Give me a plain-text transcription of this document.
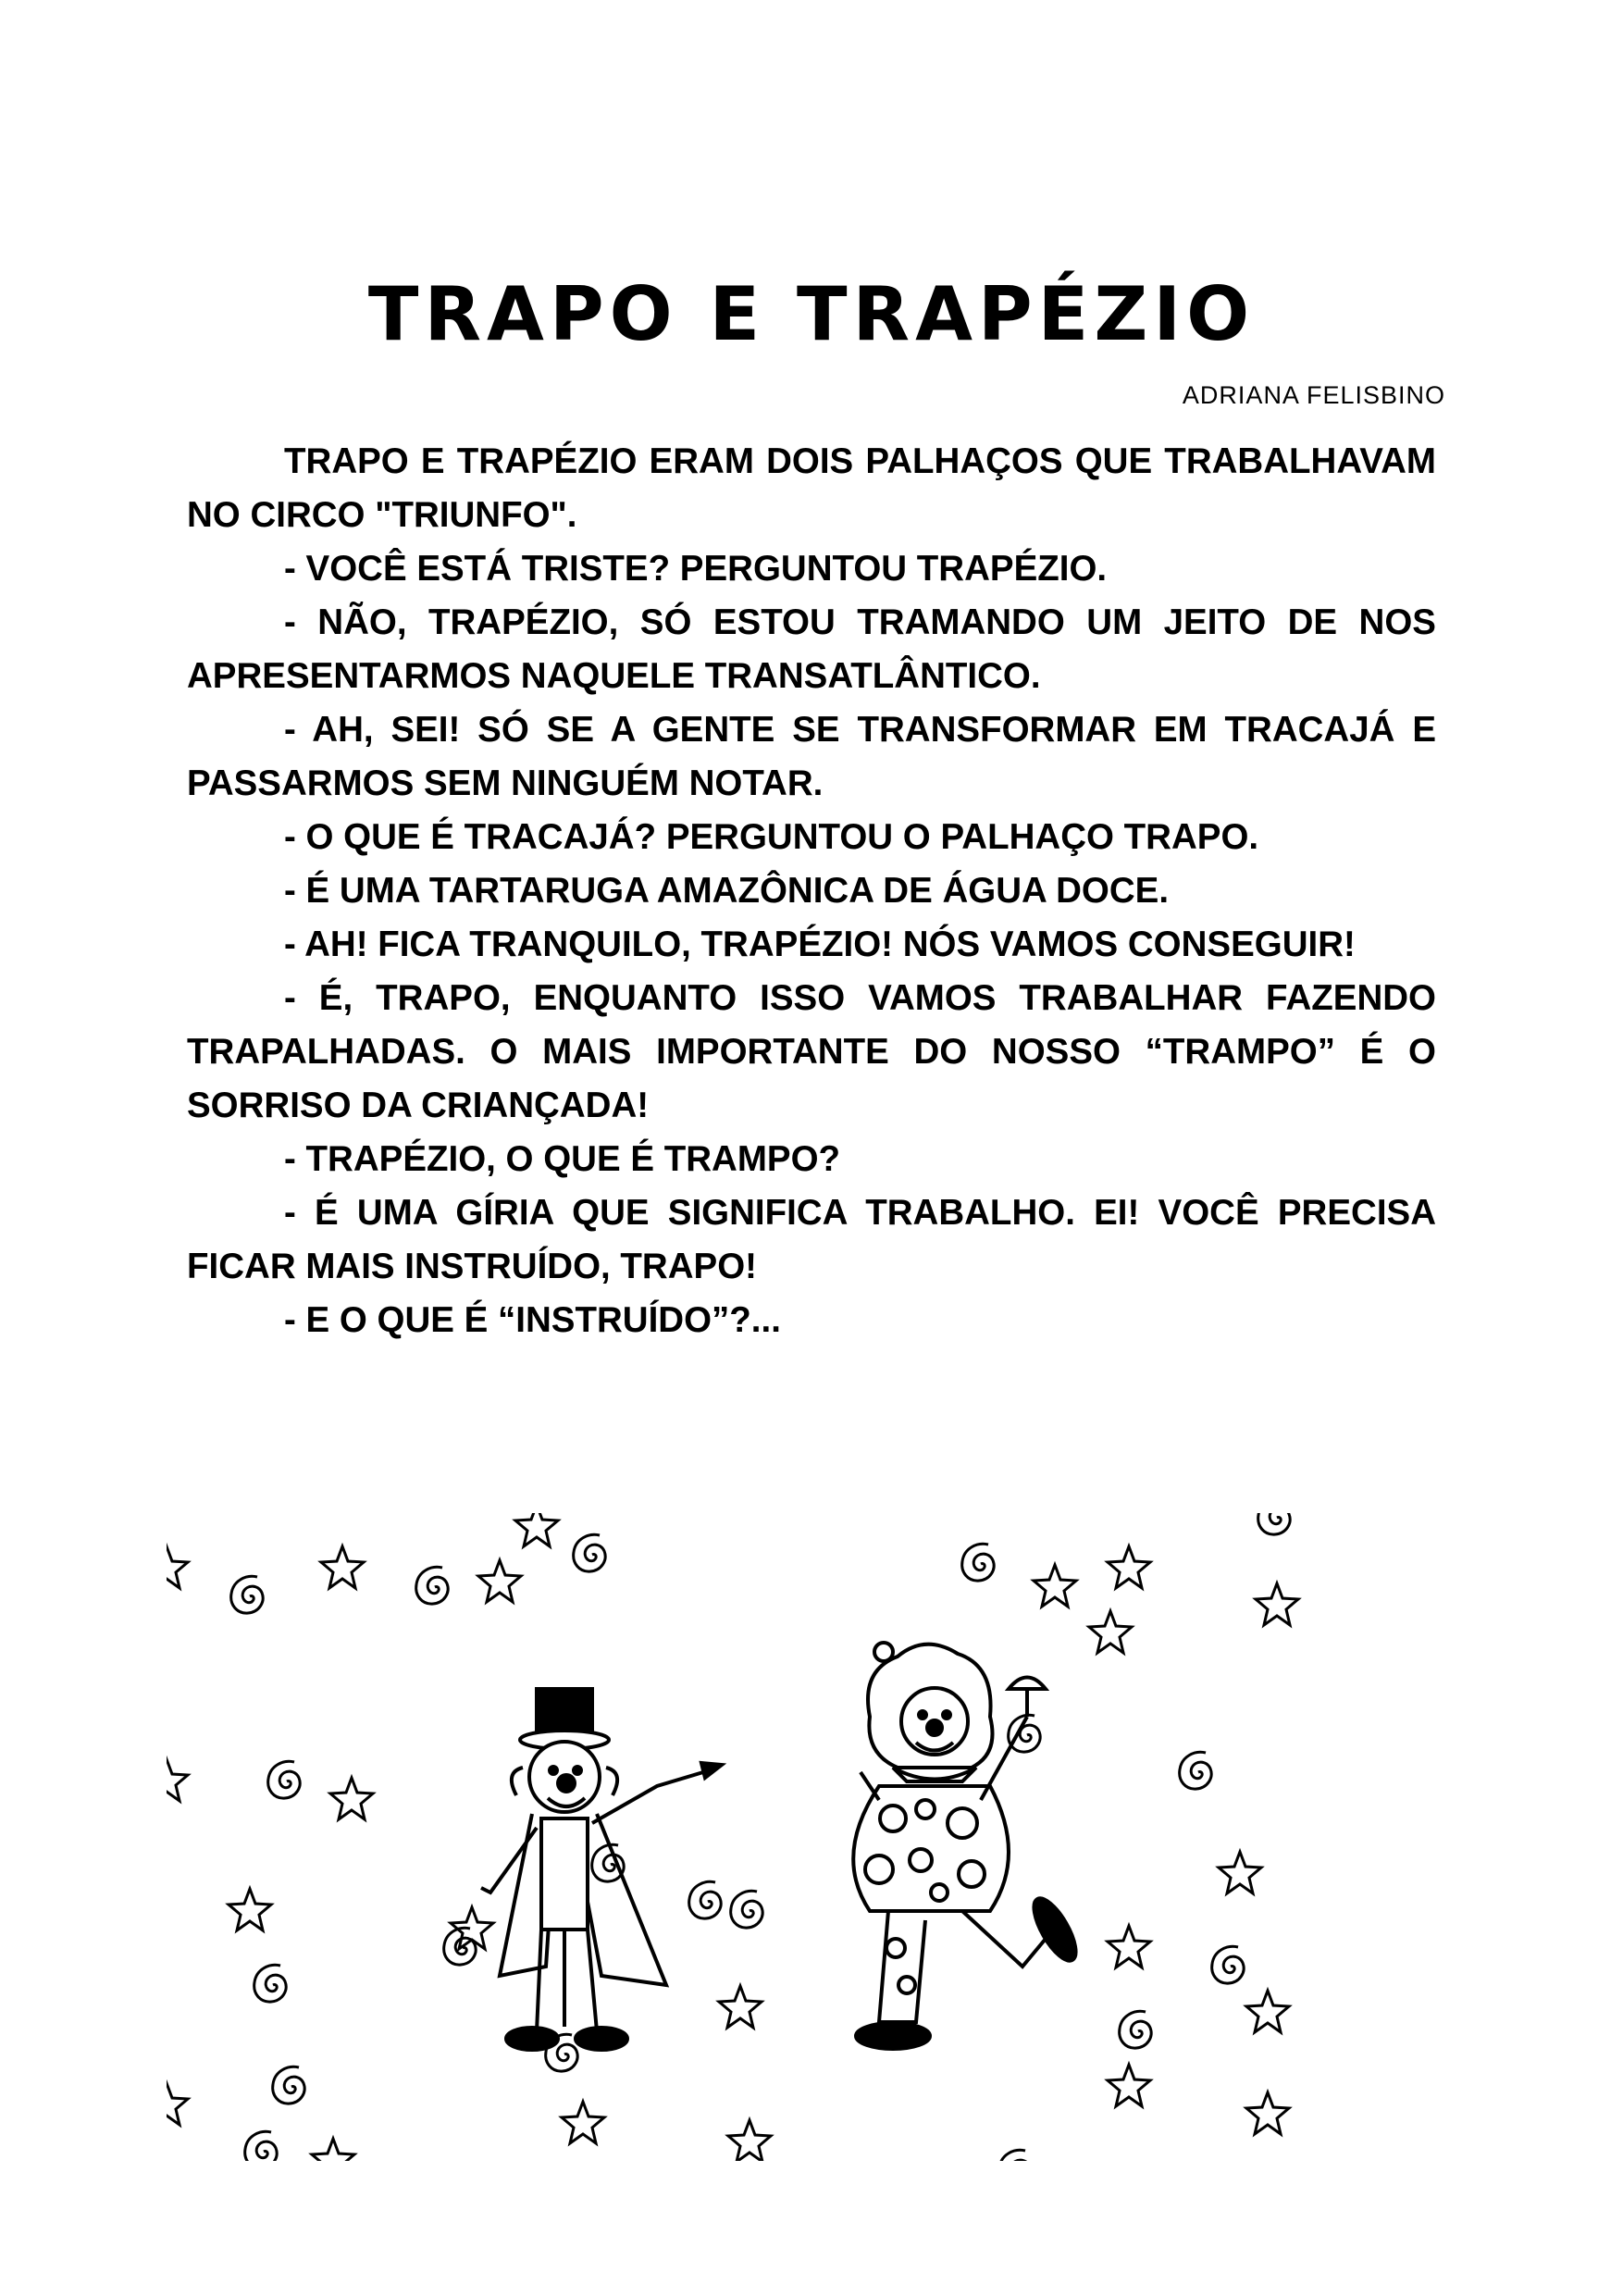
TRAPO E TRAPÉZIO
ADRIANA FELISBINO

TRAPO E TRAPÉZIO ERAM DOIS PALHAÇOS QUE TRABALHAVAM NO CIRCO "TRIUNFO".

- VOCÊ ESTÁ TRISTE? PERGUNTOU TRAPÉZIO.

- NÃO, TRAPÉZIO, SÓ ESTOU TRAMANDO UM JEITO DE NOS APRESENTARMOS NAQUELE TRANSATLÂNTICO.

- AH, SEI! SÓ SE A GENTE SE TRANSFORMAR EM TRACAJÁ E PASSARMOS SEM NINGUÉM NOTAR.

- O QUE É TRACAJÁ? PERGUNTOU O PALHAÇO TRAPO.

- É UMA TARTARUGA AMAZÔNICA DE ÁGUA DOCE.

- AH! FICA TRANQUILO, TRAPÉZIO! NÓS VAMOS CONSEGUIR!

- É, TRAPO, ENQUANTO ISSO VAMOS TRABALHAR FAZENDO TRAPALHADAS. O MAIS IMPORTANTE DO NOSSO “TRAMPO” É O SORRISO DA CRIANÇADA!

- TRAPÉZIO, O QUE É TRAMPO?

- É UMA GÍRIA QUE SIGNIFICA TRABALHO. EI! VOCÊ PRECISA FICAR MAIS INSTRUÍDO, TRAPO!

- E O QUE É “INSTRUÍDO”?...
